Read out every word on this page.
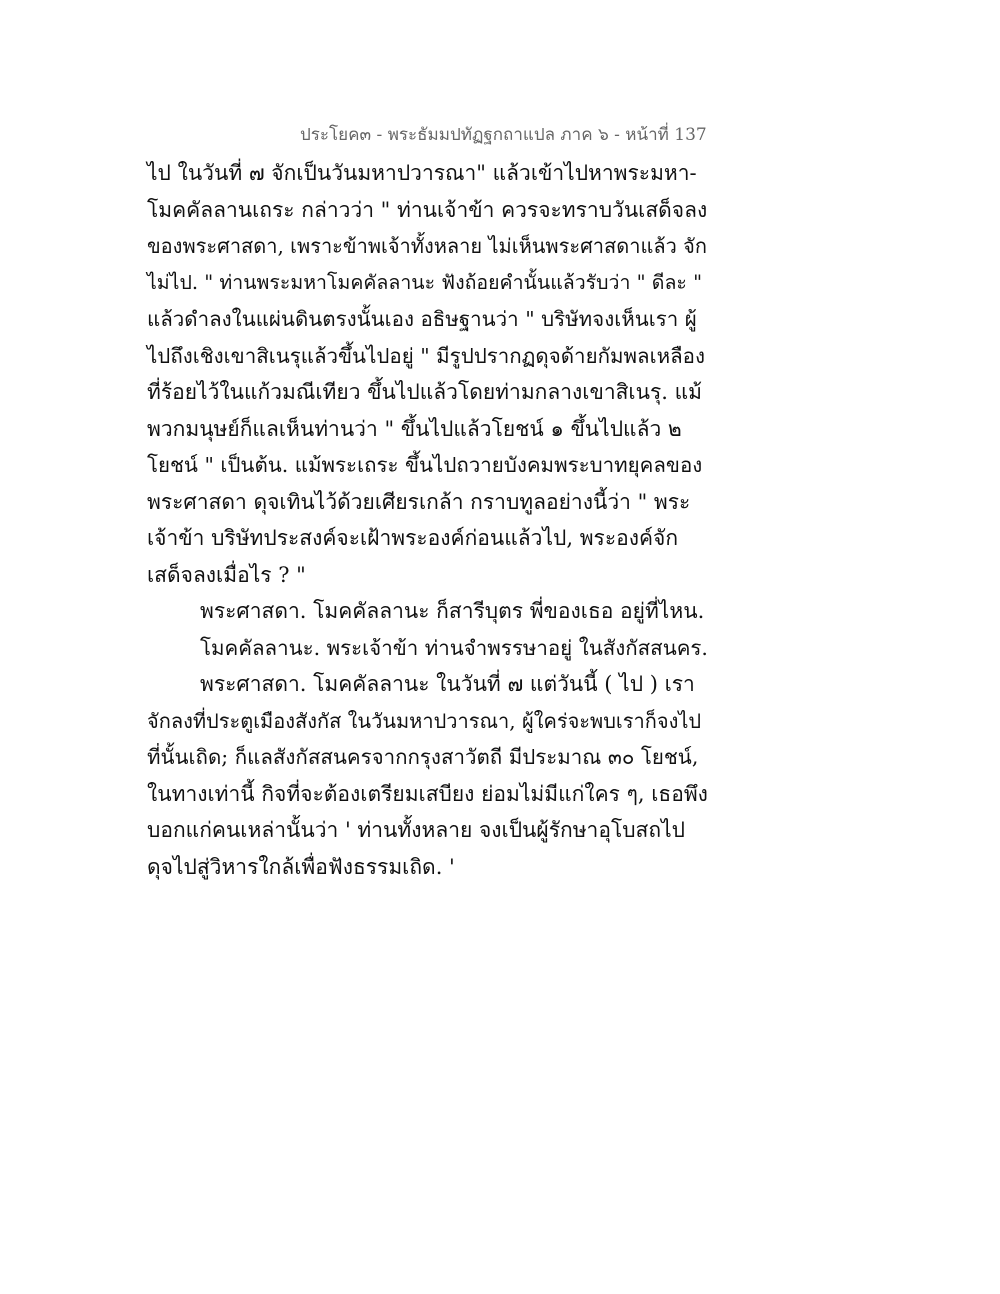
ประโยค๓ - พระธัมมปทัฏฐกถาแปล ภาค ๖ - หน้าที่ 137
ไป ในวันที่ ๗ จักเป็นวันมหาปวารณา" แล้วเข้าไปหาพระมหา-
โมคคัลลานเถระ กล่าวว่า " ท่านเจ้าข้า ควรจะทราบวันเสด็จลง
ของพระศาสดา, เพราะข้าพเจ้าทั้งหลาย ไม่เห็นพระศาสดาแล้ว จัก
ไม่ไป. " ท่านพระมหาโมคคัลลานะ ฟังถ้อยคำนั้นแล้วรับว่า " ดีละ "
แล้วดำลงในแผ่นดินตรงนั้นเอง อธิษฐานว่า " บริษัทจงเห็นเรา ผู้
ไปถึงเชิงเขาสิเนรุแล้วขึ้นไปอยู่ " มีรูปปรากฏดุจด้ายกัมพลเหลือง
ที่ร้อยไว้ในแก้วมณีเทียว ขึ้นไปแล้วโดยท่ามกลางเขาสิเนรุ. แม้
พวกมนุษย์ก็แลเห็นท่านว่า " ขึ้นไปแล้วโยชน์ ๑ ขึ้นไปแล้ว ๒
โยชน์ " เป็นต้น. แม้พระเถระ ขึ้นไปถวายบังคมพระบาทยุคลของ
พระศาสดา ดุจเทินไว้ด้วยเศียรเกล้า กราบทูลอย่างนี้ว่า " พระ
เจ้าข้า บริษัทประสงค์จะเฝ้าพระองค์ก่อนแล้วไป, พระองค์จัก
เสด็จลงเมื่อไร ? "
พระศาสดา. โมคคัลลานะ ก็สารีบุตร พี่ของเธอ อยู่ที่ไหน.
โมคคัลลานะ. พระเจ้าข้า ท่านจำพรรษาอยู่ ในสังกัสสนคร.
พระศาสดา. โมคคัลลานะ ในวันที่ ๗ แต่วันนี้ ( ไป ) เรา
จักลงที่ประตูเมืองสังกัส ในวันมหาปวารณา, ผู้ใคร่จะพบเราก็จงไป
ที่นั้นเถิด; ก็แลสังกัสสนครจากกรุงสาวัตถี มีประมาณ ๓๐ โยชน์,
ในทางเท่านี้ กิจที่จะต้องเตรียมเสบียง ย่อมไม่มีแก่ใคร ๆ, เธอพึง
บอกแก่คนเหล่านั้นว่า ' ท่านทั้งหลาย จงเป็นผู้รักษาอุโบสถไป
ดุจไปสู่วิหารใกล้เพื่อฟังธรรมเถิด. '
